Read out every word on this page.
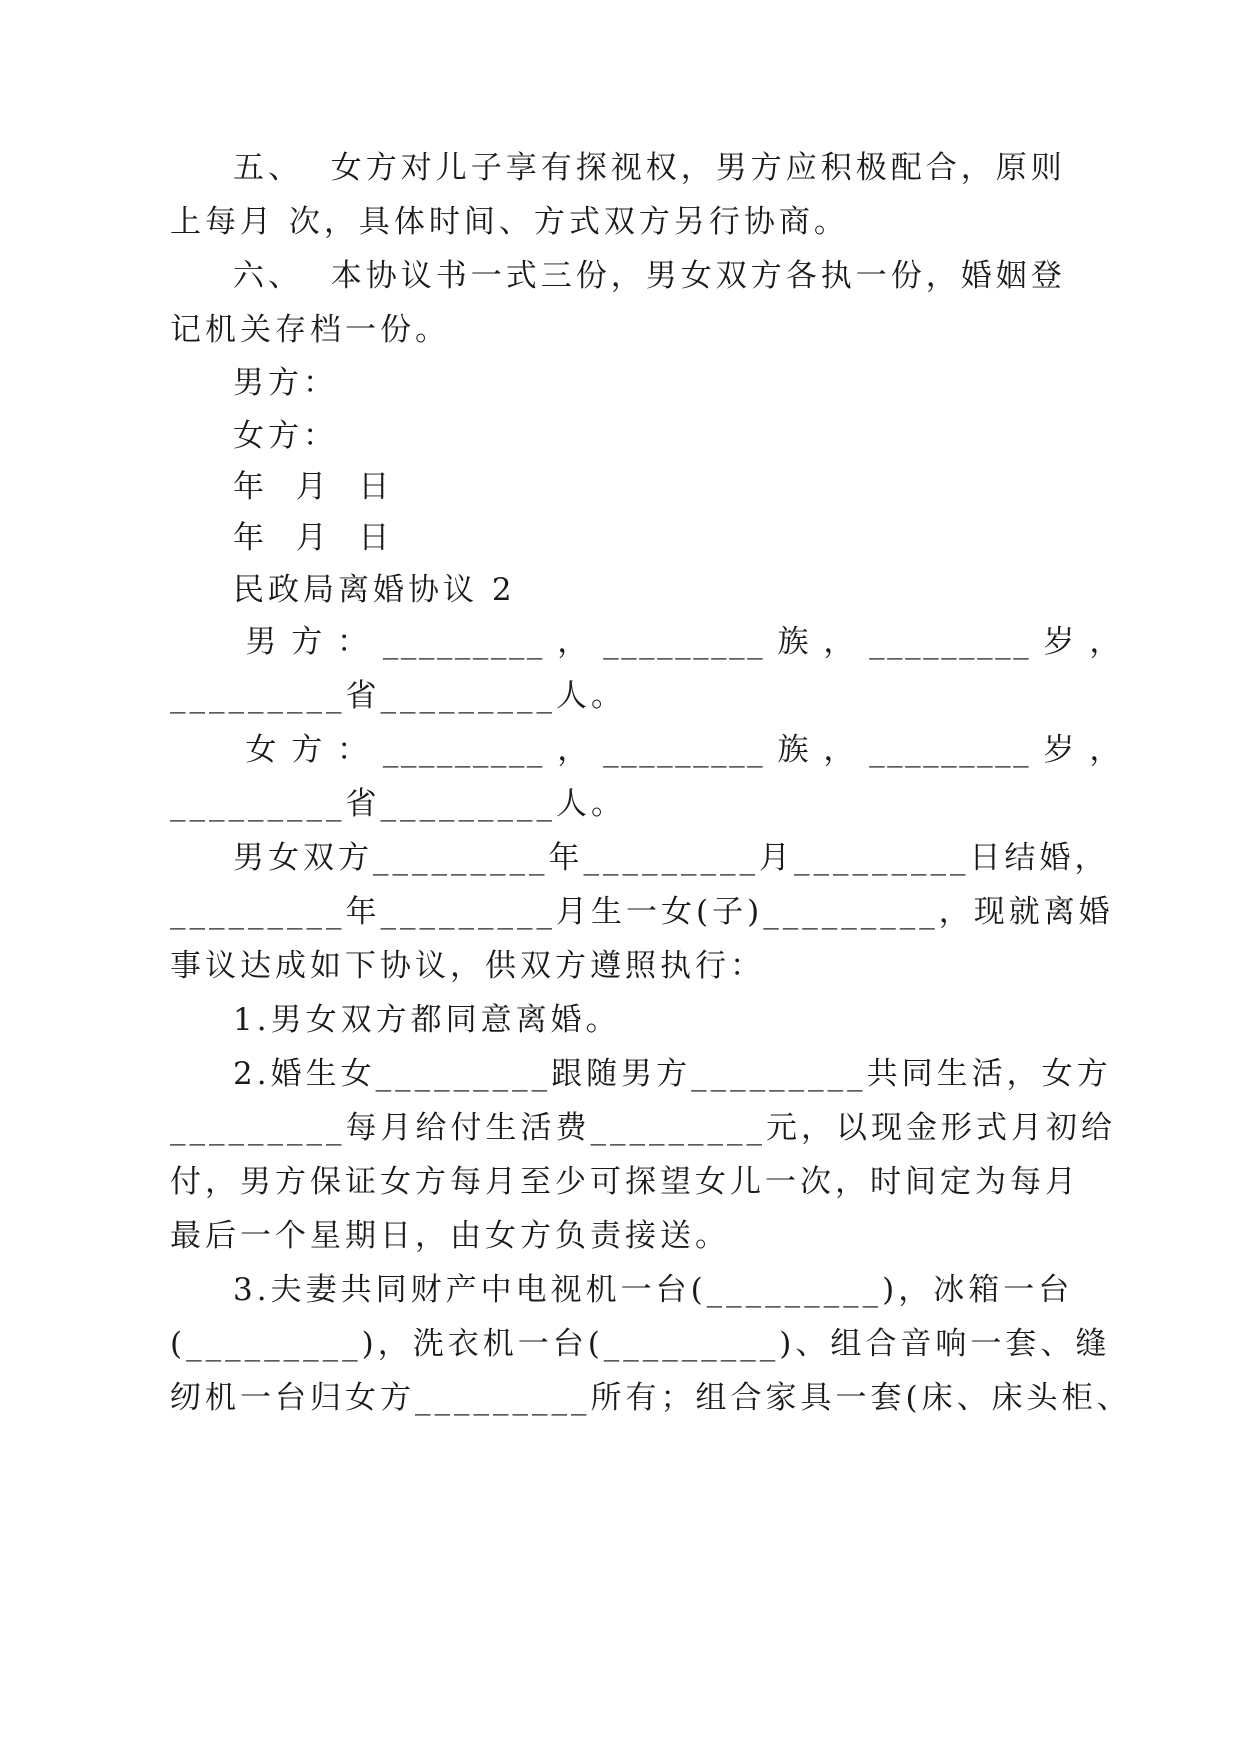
五、  女方对儿子享有探视权，男方应积极配合，原则
上每月 次，具体时间、方式双方另行协商。
六、  本协议书一式三份，男女双方各执一份，婚姻登
记机关存档一份。
男方：
女方：
年  月  日
年  月  日
民政局离婚协议 2
男 方 ： _________ ， _________ 族 ， _________ 岁 ，
_________省_________人。
女 方 ： _________ ， _________ 族 ， _________ 岁 ，
_________省_________人。
男女双方_________年_________月_________日结婚，
_________年_________月生一女(子)_________，现就离婚
事议达成如下协议，供双方遵照执行：
1.男女双方都同意离婚。
2.婚生女_________跟随男方_________共同生活，女方
_________每月给付生活费_________元，以现金形式月初给
付，男方保证女方每月至少可探望女儿一次，时间定为每月
最后一个星期日，由女方负责接送。
3.夫妻共同财产中电视机一台(_________)，冰箱一台
(_________)，洗衣机一台(_________)、组合音响一套、缝
纫机一台归女方_________所有；组合家具一套(床、床头柜、
